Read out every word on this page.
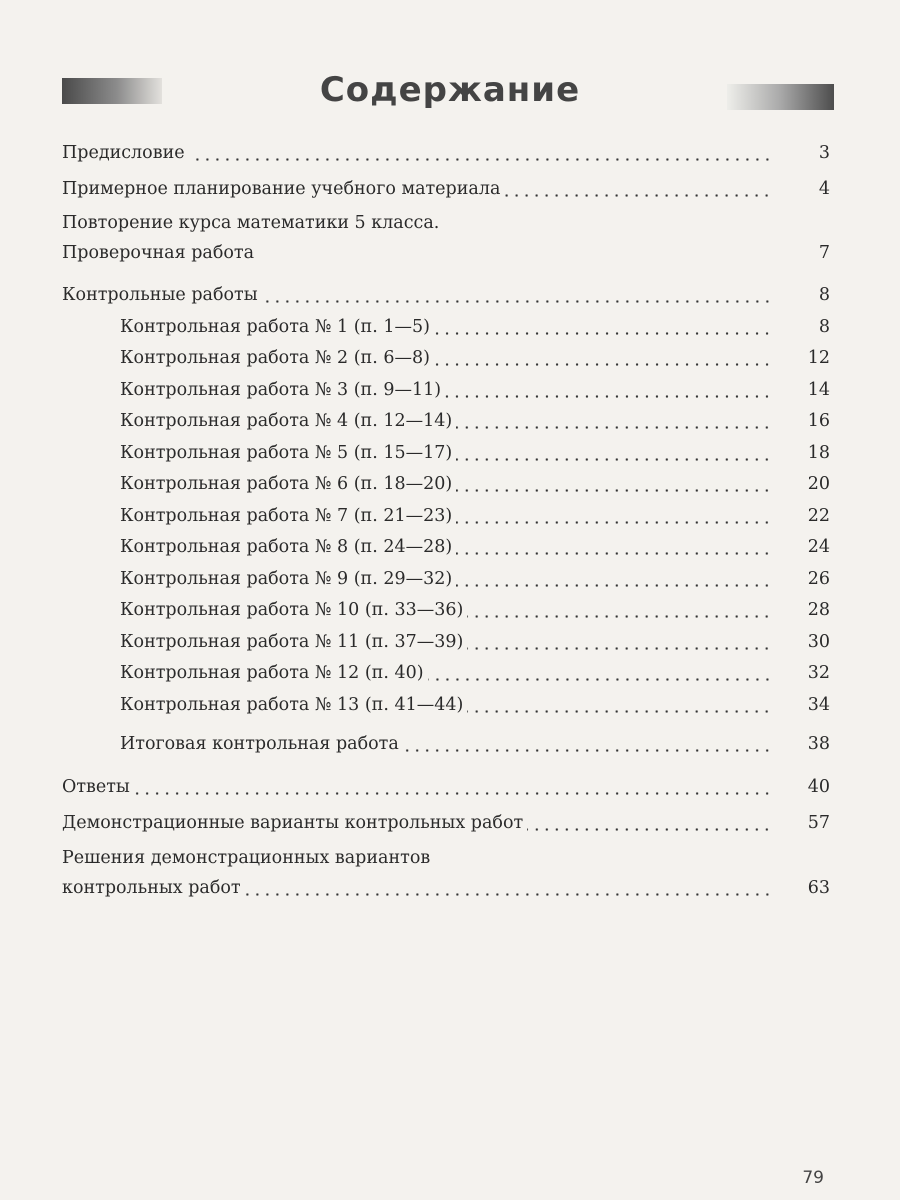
Содержание
Предисловие	3
Примерное планирование учебного материала	4
Повторение курса математики 5 класса.
Проверочная работа	7
Контрольные работы	8
Контрольная работа № 1 (п. 1—5)	8
Контрольная работа № 2 (п. 6—8)	12
Контрольная работа № 3 (п. 9—11)	14
Контрольная работа № 4 (п. 12—14)	16
Контрольная работа № 5 (п. 15—17)	18
Контрольная работа № 6 (п. 18—20)	20
Контрольная работа № 7 (п. 21—23)	22
Контрольная работа № 8 (п. 24—28)	24
Контрольная работа № 9 (п. 29—32)	26
Контрольная работа № 10 (п. 33—36)	28
Контрольная работа № 11 (п. 37—39)	30
Контрольная работа № 12 (п. 40)	32
Контрольная работа № 13 (п. 41—44)	34
Итоговая контрольная работа	38
Ответы	40
Демонстрационные варианты контрольных работ	57
Решения демонстрационных вариантов
контрольных работ	63
79
